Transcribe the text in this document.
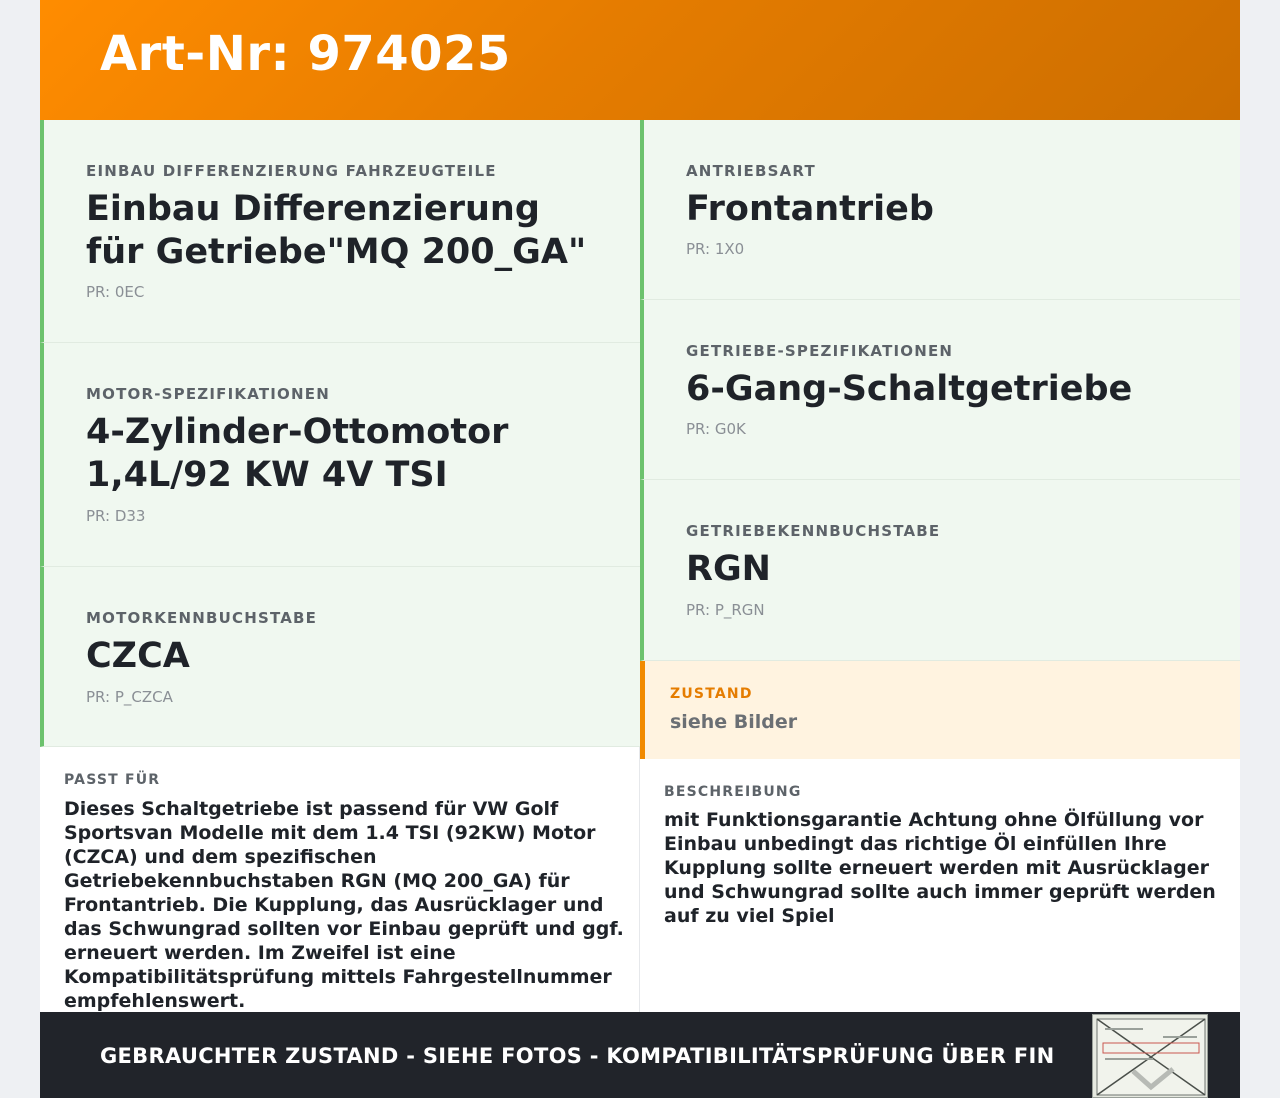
Art-Nr: 974025
EINBAU DIFFERENZIERUNG FAHRZEUGTEILE
Einbau Differenzierung für Getriebe"MQ 200_GA"
PR: 0EC
MOTOR-SPEZIFIKATIONEN
4-Zylinder-Ottomotor 1,4L/92 KW 4V TSI
PR: D33
MOTORKENNBUCHSTABE
CZCA
PR: P_CZCA
ANTRIEBSART
Frontantrieb
PR: 1X0
GETRIEBE-SPEZIFIKATIONEN
6-Gang-Schaltgetriebe
PR: G0K
GETRIEBEKENNBUCHSTABE
RGN
PR: P_RGN
ZUSTAND
siehe Bilder
PASST FÜR
Dieses Schaltgetriebe ist passend für VW Golf Sportsvan Modelle mit dem 1.4 TSI (92KW) Motor (CZCA) und dem spezifischen Getriebekennbuchstaben RGN (MQ 200_GA) für Frontantrieb. Die Kupplung, das Ausrücklager und das Schwungrad sollten vor Einbau geprüft und ggf. erneuert werden. Im Zweifel ist eine Kompatibilitätsprüfung mittels Fahrgestellnummer empfehlenswert.
BESCHREIBUNG
mit Funktionsgarantie Achtung ohne Ölfüllung vor Einbau unbedingt das richtige Öl einfüllen Ihre Kupplung sollte erneuert werden mit Ausrücklager und Schwungrad sollte auch immer geprüft werden auf zu viel Spiel
GEBRAUCHTER ZUSTAND - SIEHE FOTOS - KOMPATIBILITÄTSPRÜFUNG ÜBER FIN
